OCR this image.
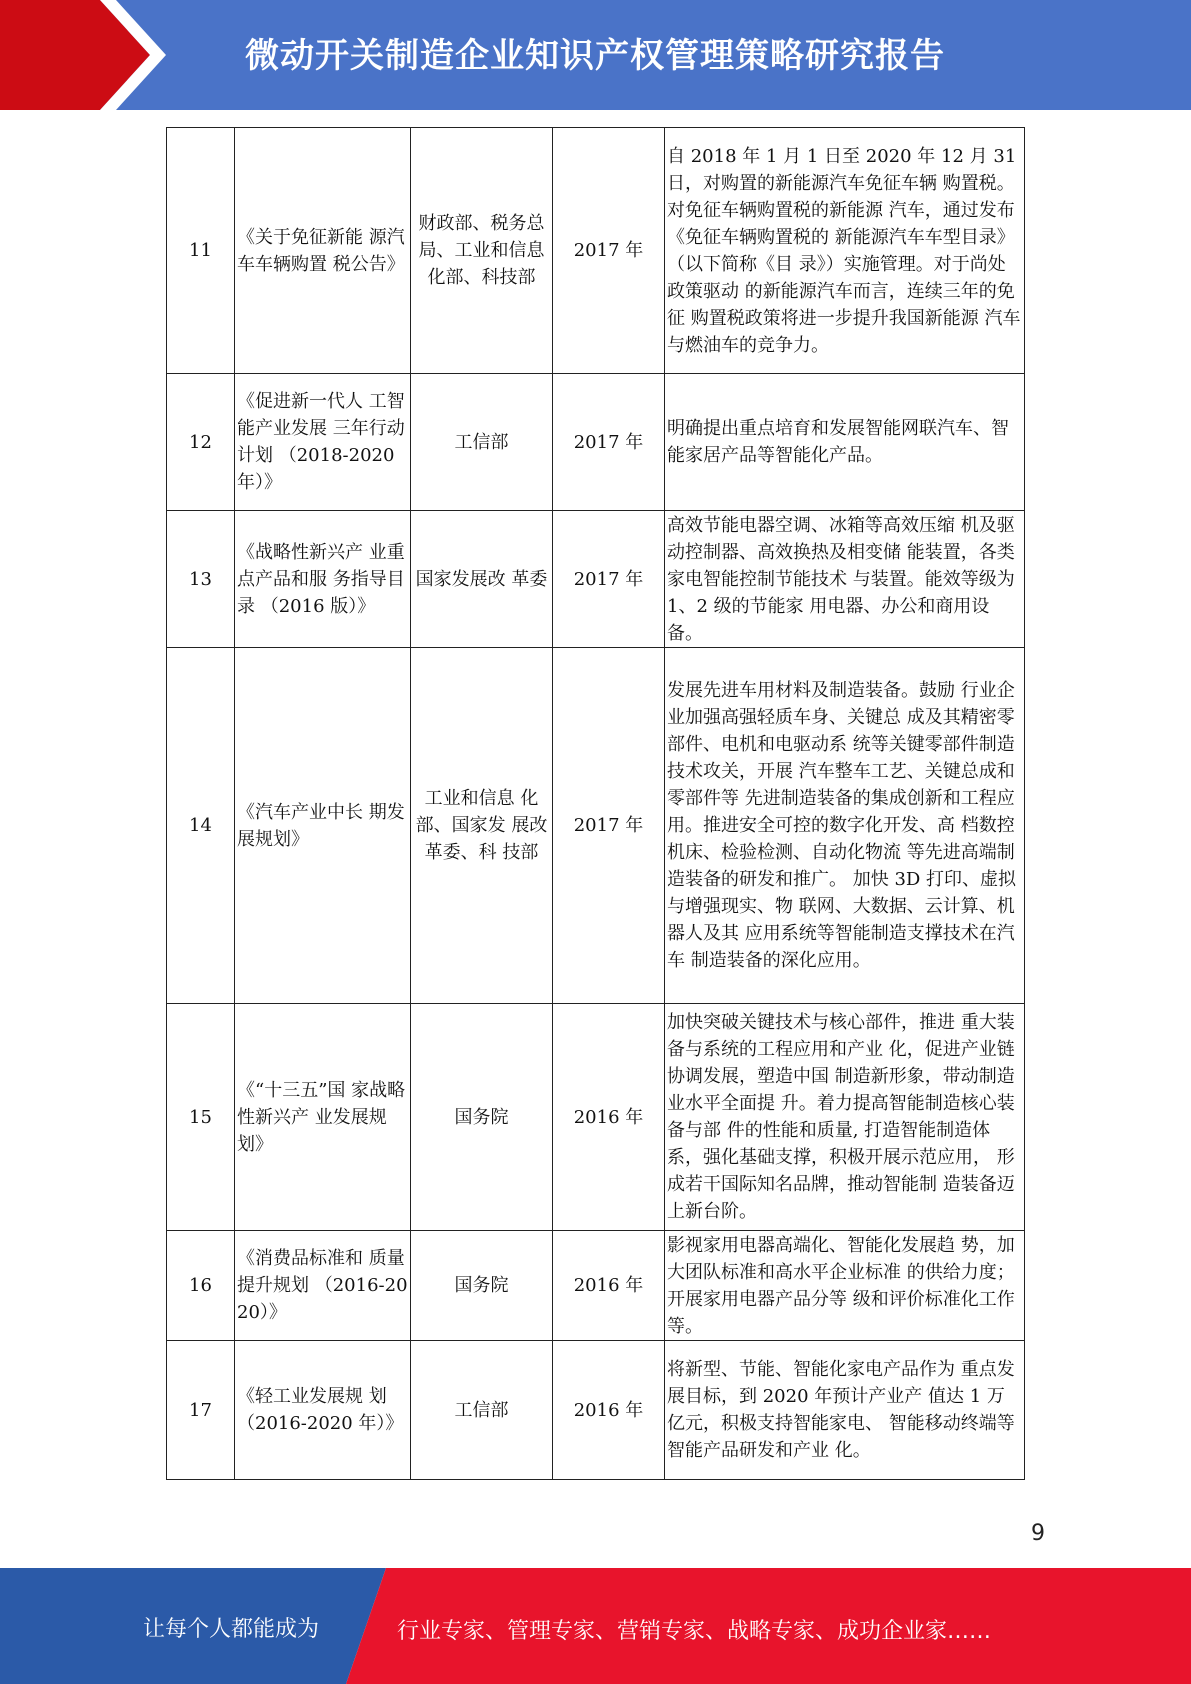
微动开关制造企业知识产权管理策略研究报告
11	《关于免征新能 源汽车车辆购置 税公告》	财政部、税务总局、工业和信息化部、科技部	2017 年	自 2018 年 1 月 1 日至 2020 年 12 月 31 日，对购置的新能源汽车免征车辆 购置税。对免征车辆购置税的新能源 汽车，通过发布《免征车辆购置税的 新能源汽车车型目录》（以下简称《目 录》）实施管理。对于尚处政策驱动 的新能源汽车而言，连续三年的免征 购置税政策将进一步提升我国新能源 汽车与燃油车的竞争力。
12	《促进新一代人 工智能产业发展 三年行动计划 （2018-2020 年）》	工信部	2017 年	明确提出重点培育和发展智能网联汽车、智能家居产品等智能化产品。
13	《战略性新兴产 业重点产品和服 务指导目录 （2016 版）》	国家发展改 革委	2017 年	高效节能电器空调、冰箱等高效压缩 机及驱动控制器、高效换热及相变储 能装置，各类家电智能控制节能技术 与装置。能效等级为 1、2 级的节能家 用电器、办公和商用设备。
14	《汽车产业中长 期发展规划》	工业和信息 化部、国家发 展改革委、科 技部	2017 年	发展先进车用材料及制造装备。鼓励 行业企业加强高强轻质车身、关键总 成及其精密零部件、电机和电驱动系 统等关键零部件制造技术攻关，开展 汽车整车工艺、关键总成和零部件等 先进制造装备的集成创新和工程应 用。推进安全可控的数字化开发、高 档数控机床、检验检测、自动化物流 等先进高端制造装备的研发和推广。 加快 3D 打印、虚拟与增强现实、物 联网、大数据、云计算、机器人及其 应用系统等智能制造支撑技术在汽车 制造装备的深化应用。
15	《“十三五”国 家战略性新兴产 业发展规划》	国务院	2016 年	加快突破关键技术与核心部件，推进 重大装备与系统的工程应用和产业 化，促进产业链协调发展，塑造中国 制造新形象，带动制造业水平全面提 升。着力提高智能制造核心装备与部 件的性能和质量, 打造智能制造体系，强化基础支撑，积极开展示范应用， 形成若干国际知名品牌，推动智能制 造装备迈上新台阶。
16	《消费品标准和 质量提升规划 （2016-2020）》	国务院	2016 年	影视家用电器高端化、智能化发展趋 势，加大团队标准和高水平企业标准 的供给力度；开展家用电器产品分等 级和评价标准化工作等。
17	《轻工业发展规 划（2016-2020 年）》	工信部	2016 年	将新型、节能、智能化家电产品作为 重点发展目标，到 2020 年预计产业产 值达 1 万亿元，积极支持智能家电、 智能移动终端等智能产品研发和产业 化。
9
让每个人都能成为	行业专家、管理专家、营销专家、战略专家、成功企业家……
